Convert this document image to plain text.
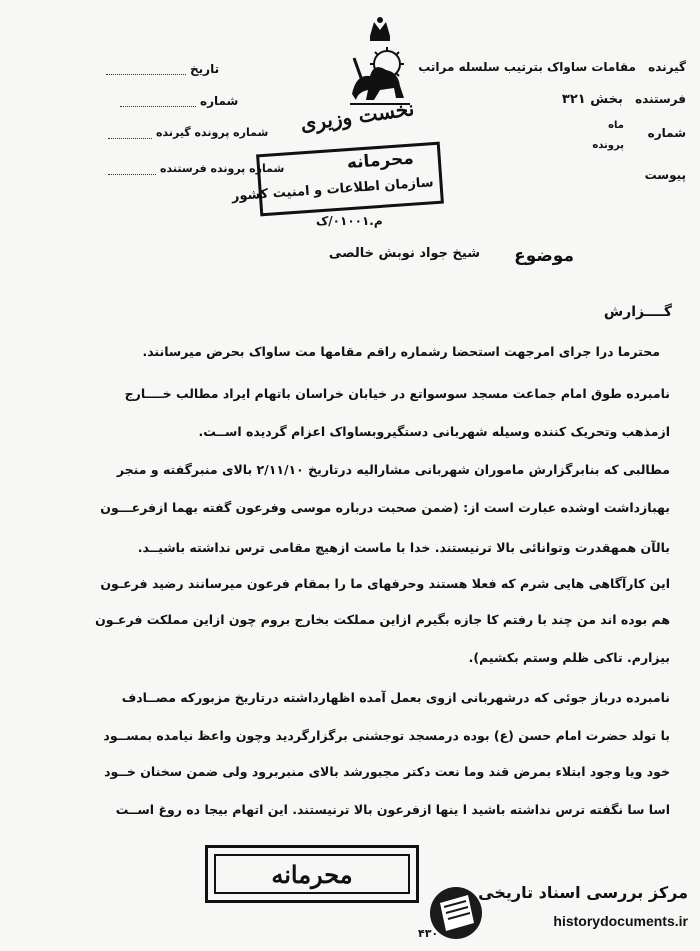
گیرنده مقامات ساواک بترتیب سلسله مراتب
فرستنده بخش ۳۲۱
شماره
ماه
پرونده
پیوست
تاریخ
شماره
شماره پرونده گیرنده
شماره پرونده فرستنده
نخست وزیری
محرمانه
سازمان اطلاعات و امنیت کشور
م.۰۱۰۰۱/ک
موضوع
شیخ جواد نوبش خالصی
گــــزارش
محترما درا جرای امرجهت استحضا رشماره راقم مقامها مت ساواک بحرض میرسانند.
نامبرده طوق امام جماعت مسجد سوسواتع در خیابان خراسان باتهام ایراد مطالب خــــارج
ازمذهب وتحریک کننده وسیله شهربانی دستگیروبساواک اعزام گردیده اســت.
مطالبی که بنابرگزارش ماموران شهربانی مشارالیه درتاریخ ۲/۱۱/۱۰ بالای منبرگفته و منجر
بهبازداشت اوشده عبارت است از: (ضمن صحبت درباره موسی وفرعون گفته بهما ازفرعـــون
بالآن همهقدرت وتوانائی بالا ترنیستند. خدا با ماست ازهیچ مقامی ترس نداشته باشیــد.
این کارآگاهی هایی شرم که فعلا هستند وحرفهای ما را بمقام فرعون میرسانند رضید فرعـون
هم بوده اند من چند با رفتم کا جازه بگیرم ازاین مملکت بخارج بروم چون ازاین مملکت فرعـون
بیزارم. تاکی ظلم وستم بکشیم).
نامبرده درباز جوئی که درشهربانی ازوی بعمل آمده اظهارداشته درتاریخ مزبورکه مصــادف
با تولد حضرت امام حسن (ع) بوده درمسجد توجشنی برگزارگردید وچون واعظ نیامده بمســود
خود ویا وجود ابتلاء بمرض قند وما نعت دکتر مجبورشد بالای منبربرود ولی ضمن سخنان خــود
اسا سا نگفته ترس نداشته باشید ا ینها ازفرعون بالا ترنیستند. این اتهام بیجا ده روغ اســت
محرمانه
مرکز بررسی اسناد تاریخی
historydocuments.ir
۴۳۰
